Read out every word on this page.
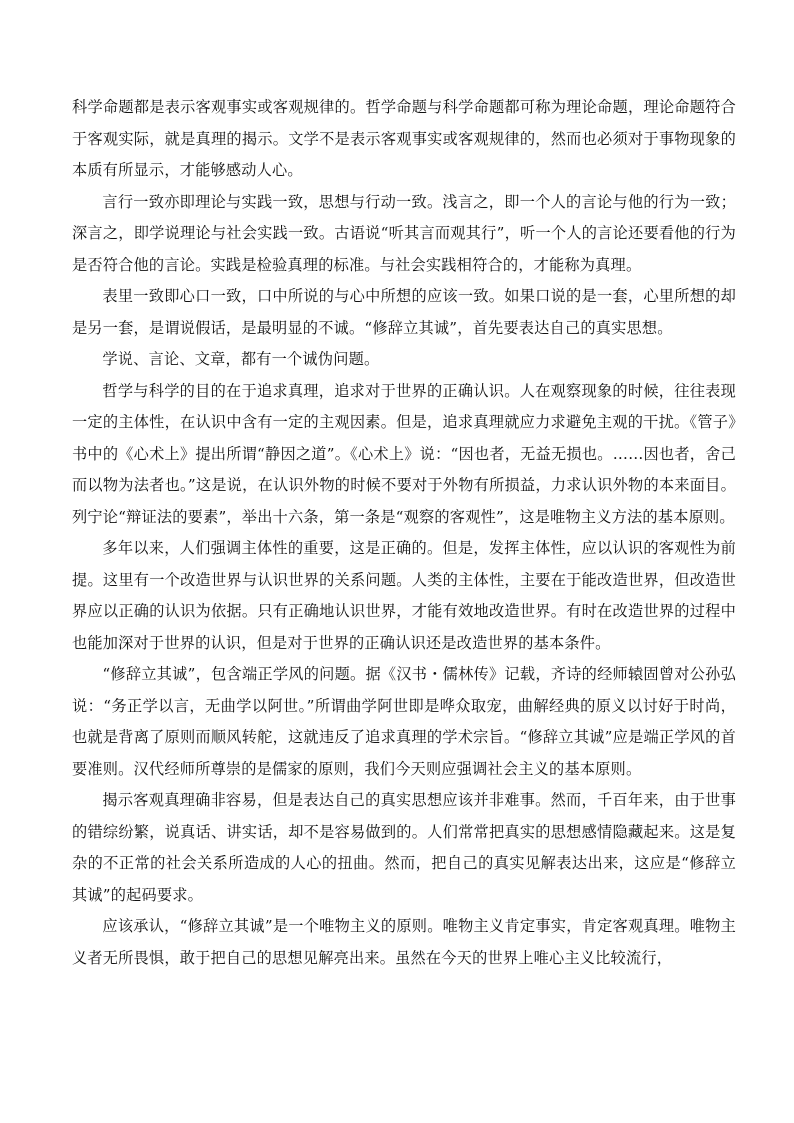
科学命题都是表示客观事实或客观规律的。哲学命题与科学命题都可称为理论命题，理论命题符合于客观实际，就是真理的揭示。文学不是表示客观事实或客观规律的，然而也必须对于事物现象的本质有所显示，才能够感动人心。

言行一致亦即理论与实践一致，思想与行动一致。浅言之，即一个人的言论与他的行为一致；深言之，即学说理论与社会实践一致。古语说“听其言而观其行”，听一个人的言论还要看他的行为是否符合他的言论。实践是检验真理的标准。与社会实践相符合的，才能称为真理。

表里一致即心口一致，口中所说的与心中所想的应该一致。如果口说的是一套，心里所想的却是另一套，是谓说假话，是最明显的不诚。“修辞立其诚”，首先要表达自己的真实思想。

学说、言论、文章，都有一个诚伪问题。

哲学与科学的目的在于追求真理，追求对于世界的正确认识。人在观察现象的时候，往往表现一定的主体性，在认识中含有一定的主观因素。但是，追求真理就应力求避免主观的干扰。《管子》书中的《心术上》提出所谓“静因之道”。《心术上》说：“因也者，无益无损也。……因也者，舍己而以物为法者也。”这是说，在认识外物的时候不要对于外物有所损益，力求认识外物的本来面目。列宁论“辩证法的要素”，举出十六条，第一条是“观察的客观性”，这是唯物主义方法的基本原则。

多年以来，人们强调主体性的重要，这是正确的。但是，发挥主体性，应以认识的客观性为前提。这里有一个改造世界与认识世界的关系问题。人类的主体性，主要在于能改造世界，但改造世界应以正确的认识为依据。只有正确地认识世界，才能有效地改造世界。有时在改造世界的过程中也能加深对于世界的认识，但是对于世界的正确认识还是改造世界的基本条件。

“修辞立其诚”，包含端正学风的问题。据《汉书・儒林传》记载，齐诗的经师辕固曾对公孙弘说：“务正学以言，无曲学以阿世。”所谓曲学阿世即是哗众取宠，曲解经典的原义以讨好于时尚，也就是背离了原则而顺风转舵，这就违反了追求真理的学术宗旨。“修辞立其诚”应是端正学风的首要准则。汉代经师所尊崇的是儒家的原则，我们今天则应强调社会主义的基本原则。

揭示客观真理确非容易，但是表达自己的真实思想应该并非难事。然而，千百年来，由于世事的错综纷繁，说真话、讲实话，却不是容易做到的。人们常常把真实的思想感情隐藏起来。这是复杂的不正常的社会关系所造成的人心的扭曲。然而，把自己的真实见解表达出来，这应是“修辞立其诚”的起码要求。

应该承认，“修辞立其诚”是一个唯物主义的原则。唯物主义肯定事实，肯定客观真理。唯物主义者无所畏惧，敢于把自己的思想见解亮出来。虽然在今天的世界上唯心主义比较流行，
